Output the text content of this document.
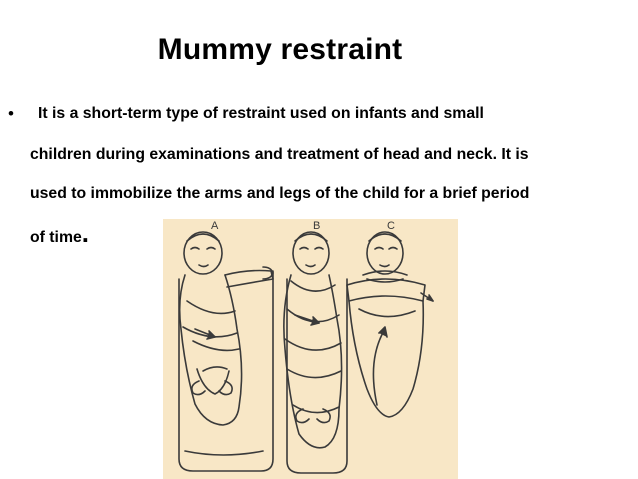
Mummy restraint
• It is a short-term type of restraint used on infants and small
children during examinations and treatment of head and neck. It is
used to immobilize the arms and legs of the child for a brief period
of time.	A	B	C
